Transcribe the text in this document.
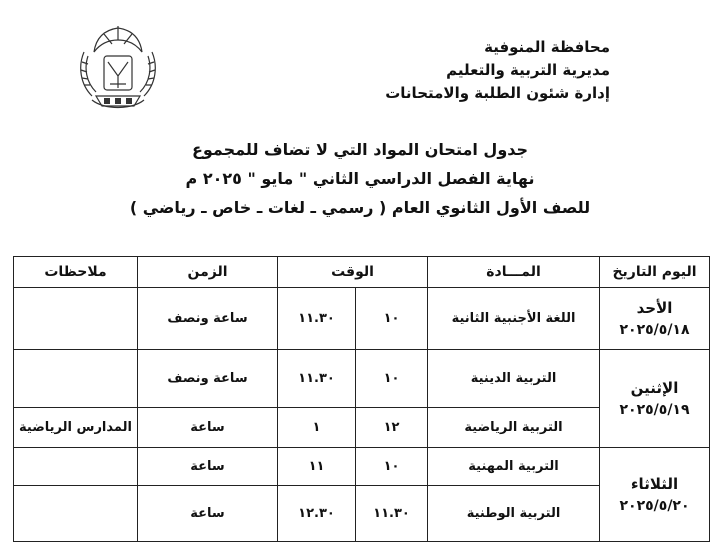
محافظة المنوفية
مديرية التربية والتعليم
إدارة شئون الطلبة والامتحانات
جدول امتحان المواد التي لا تضاف للمجموع
نهاية الفصل الدراسي الثاني " مايو " ٢٠٢٥ م
للصف الأول الثانوي العام ( رسمي ـ لغات ـ خاص ـ رياضي )
اليوم التاريخ	المـــادة	الوقت		الزمن	ملاحظات

الأحد
٢٠٢٥/٥/١٨	اللغة الأجنبية الثانية	١٠	١١.٣٠	ساعة ونصف	

الإثنين
٢٠٢٥/٥/١٩	التربية الدينية	١٠	١١.٣٠	ساعة ونصف	
	التربية الرياضية	١٢	١	ساعة	المدارس الرياضية

الثلاثاء
٢٠٢٥/٥/٢٠	التربية المهنية	١٠	١١	ساعة	
	التربية الوطنية	١١.٣٠	١٢.٣٠	ساعة	
